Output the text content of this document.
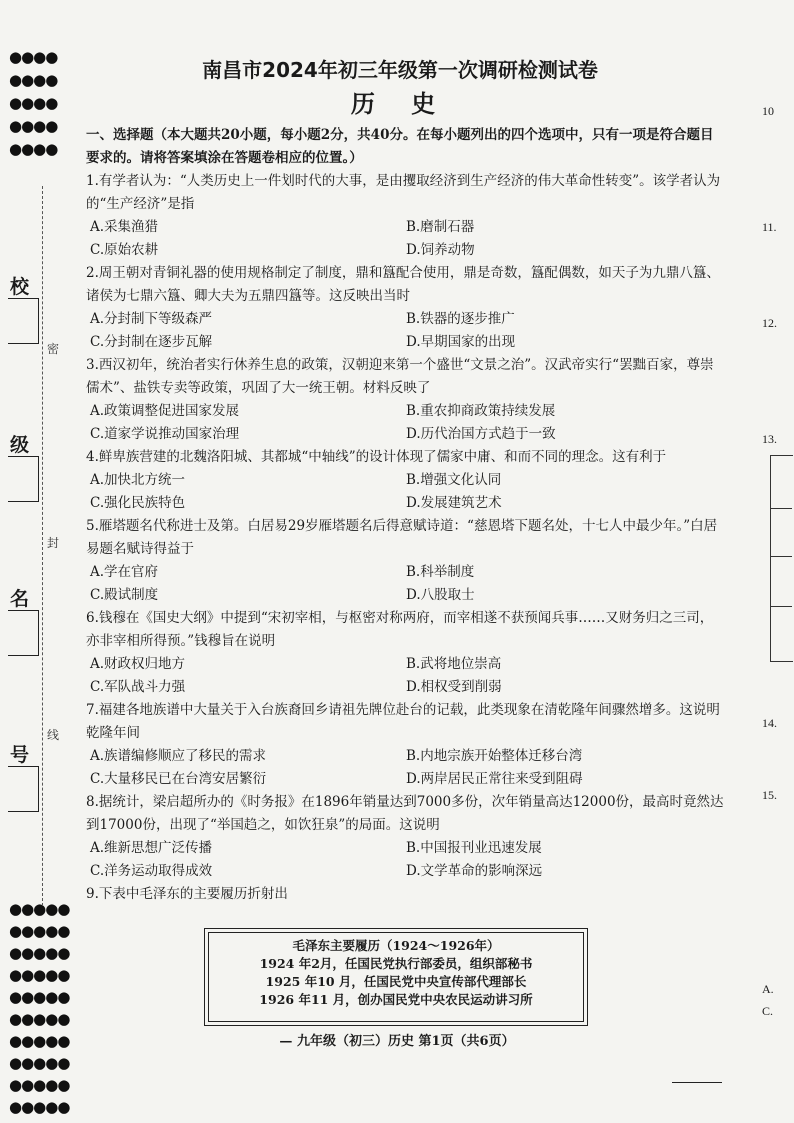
●●●●
●●●●
●●●●
●●●●
●●●●
●●●●●
●●●●●
●●●●●
●●●●●
●●●●●
●●●●●
●●●●●
●●●●●
●●●●●
●●●●●
密
封
线
校
级
名
号
10
11.
12.
13.
14.
15.
A.
C.
南昌市2024年初三年级第一次调研检测试卷
历 史

一、选择题（本大题共20小题，每小题2分，共40分。在每小题列出的四个选项中，只有一项是符合题目要求的。请将答案填涂在答题卷相应的位置。）

1.有学者认为：“人类历史上一件划时代的大事，是由攫取经济到生产经济的伟大革命性转变”。该学者认为的“生产经济”是指

A.采集渔猎	B.磨制石器
C.原始农耕	D.饲养动物

2.周王朝对青铜礼器的使用规格制定了制度，鼎和簋配合使用，鼎是奇数，簋配偶数，如天子为九鼎八簋、诸侯为七鼎六簋、卿大夫为五鼎四簋等。这反映出当时

A.分封制下等级森严	B.铁器的逐步推广
C.分封制在逐步瓦解	D.早期国家的出现

3.西汉初年，统治者实行休养生息的政策，汉朝迎来第一个盛世“文景之治”。汉武帝实行“罢黜百家，尊崇儒术”、盐铁专卖等政策，巩固了大一统王朝。材料反映了

A.政策调整促进国家发展	B.重农抑商政策持续发展
C.道家学说推动国家治理	D.历代治国方式趋于一致

4.鲜卑族营建的北魏洛阳城、其都城“中轴线”的设计体现了儒家中庸、和而不同的理念。这有利于

A.加快北方统一	B.增强文化认同
C.强化民族特色	D.发展建筑艺术

5.雁塔题名代称进士及第。白居易29岁雁塔题名后得意赋诗道：“慈恩塔下题名处，十七人中最少年。”白居易题名赋诗得益于

A.学在官府	B.科举制度
C.殿试制度	D.八股取士

6.钱穆在《国史大纲》中提到“宋初宰相，与枢密对称两府，而宰相遂不获预闻兵事……又财务归之三司，亦非宰相所得预。”钱穆旨在说明

A.财政权归地方	B.武将地位崇高
C.军队战斗力强	D.相权受到削弱

7.福建各地族谱中大量关于入台族裔回乡请祖先牌位赴台的记载，此类现象在清乾隆年间骤然增多。这说明乾隆年间

A.族谱编修顺应了移民的需求	B.内地宗族开始整体迁移台湾
C.大量移民已在台湾安居繁衍	D.两岸居民正常往来受到阻碍

8.据统计，梁启超所办的《时务报》在1896年销量达到7000多份，次年销量高达12000份，最高时竟然达到17000份，出现了“举国趋之，如饮狂泉”的局面。这说明

A.维新思想广泛传播	B.中国报刊业迅速发展
C.洋务运动取得成效	D.文学革命的影响深远

9.下表中毛泽东的主要履历折射出

毛泽东主要履历（1924～1926年）
1924 年2月，任国民党执行部委员，组织部秘书
1925 年10 月，任国民党中央宣传部代理部长
1926 年11 月，创办国民党中央农民运动讲习所
— 九年级（初三）历史 第1页（共6页）
